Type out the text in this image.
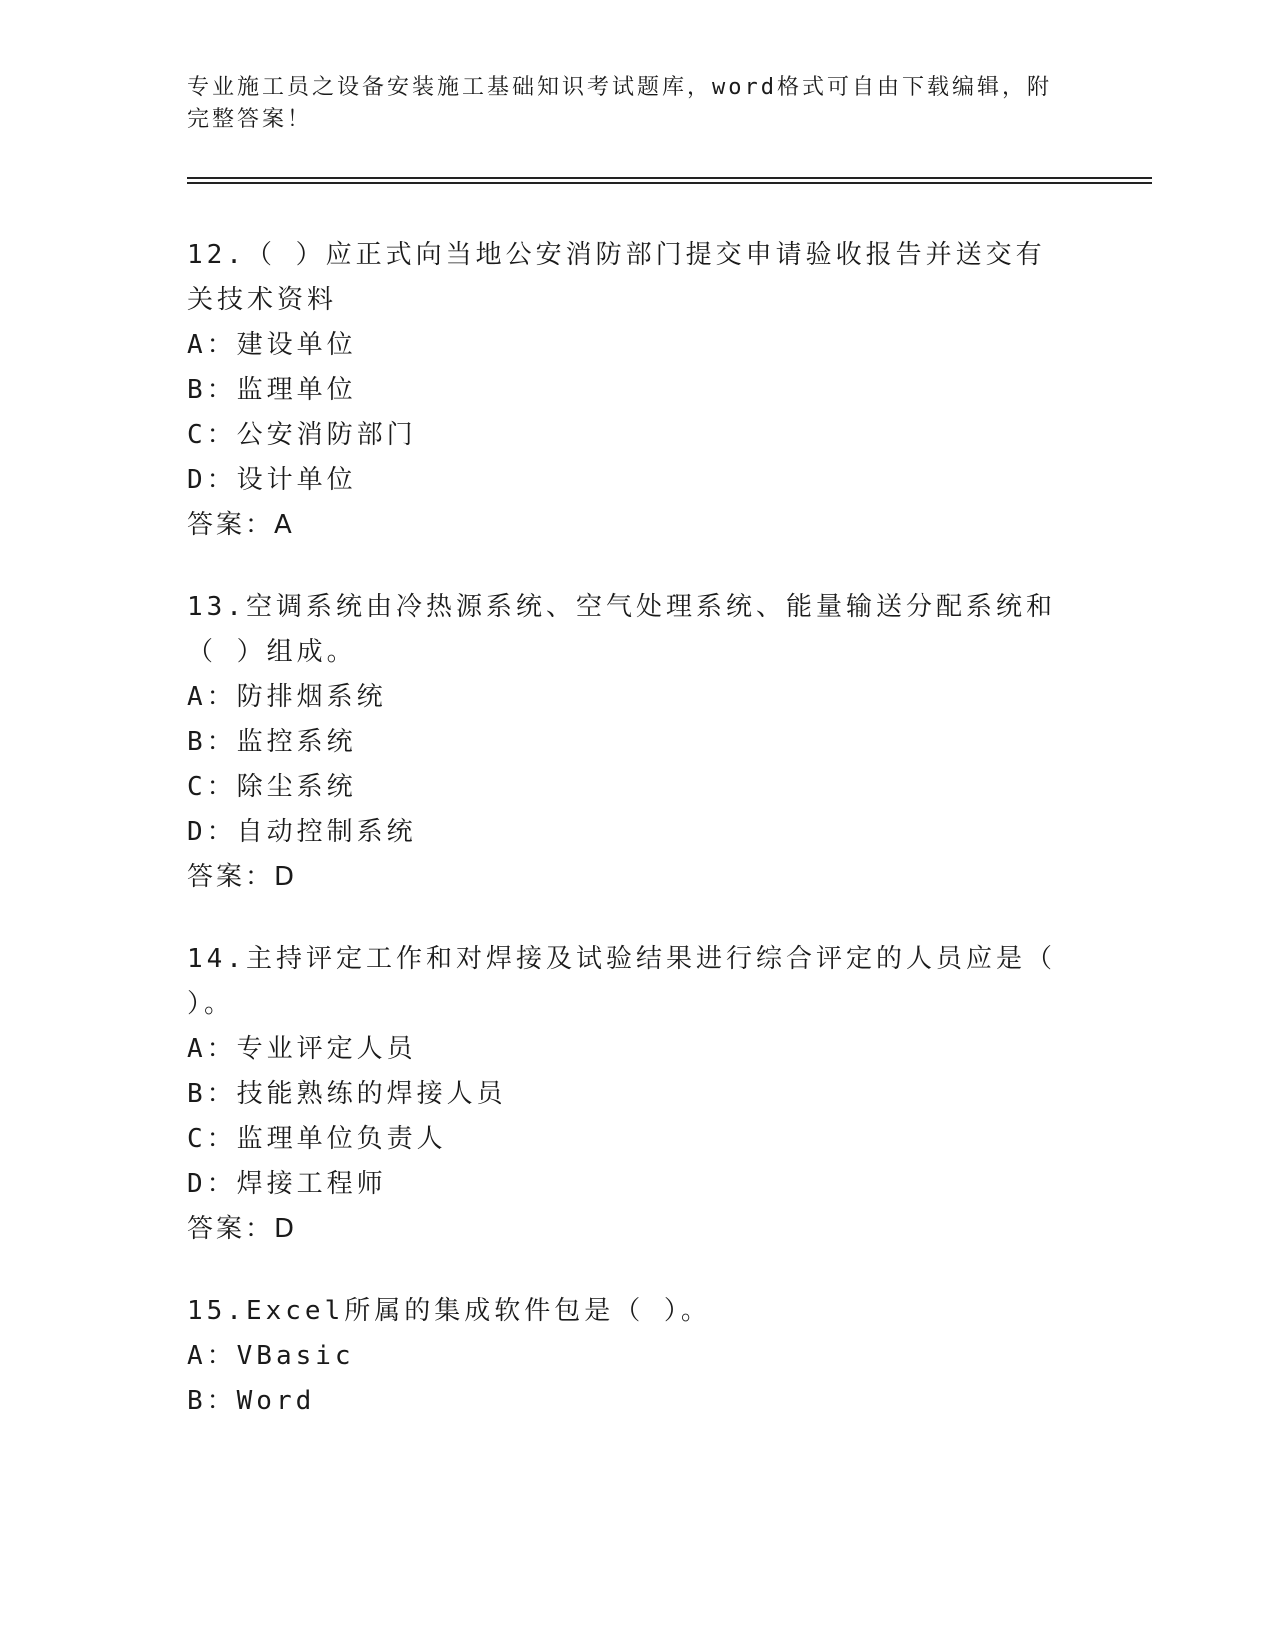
专业施工员之设备安装施工基础知识考试题库，word格式可自由下载编辑，附完整答案！

12.（ ）应正式向当地公安消防部门提交申请验收报告并送交有关技术资料

A：建设单位

B：监理单位

C：公安消防部门

D：设计单位

答案：A

13.空调系统由冷热源系统、空气处理系统、能量输送分配系统和（ ）组成。

A：防排烟系统

B：监控系统

C：除尘系统

D：自动控制系统

答案：D

14.主持评定工作和对焊接及试验结果进行综合评定的人员应是（ ）。

A：专业评定人员

B：技能熟练的焊接人员

C：监理单位负责人

D：焊接工程师

答案：D

15.Excel所属的集成软件包是（ ）。

A：VBasic

B：Word
